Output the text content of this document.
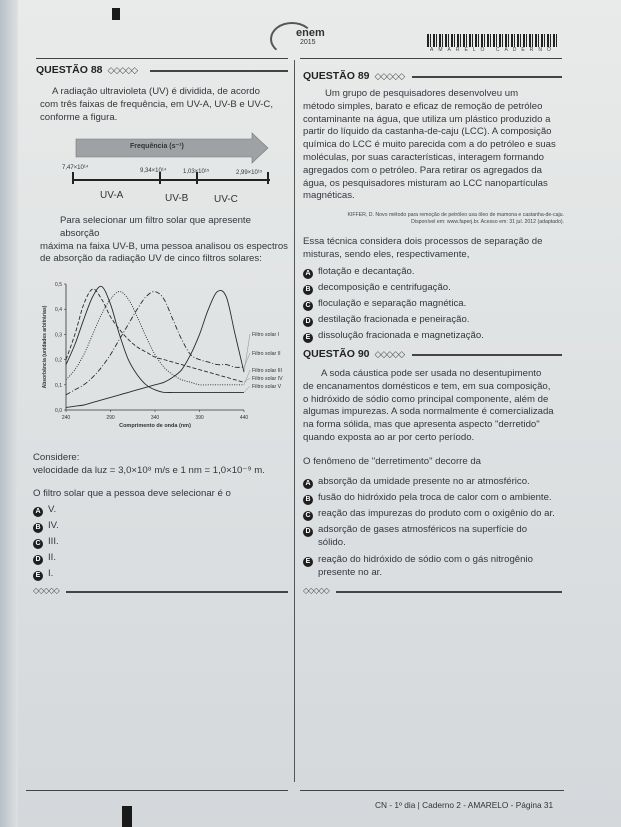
enem
2015
AMARELO CADERNO
QUESTÃO 88 ◇◇◇◇◇
A radiação ultravioleta (UV) é dividida, de acordo
com três faixas de frequência, em UV-A, UV-B e UV-C,
conforme a figura.
Frequência (s⁻¹)
7,47×10¹⁴	9,34×10¹⁴	1,03×10¹⁵	2,99×10¹⁵
UV-A	UV-B	UV-C
Para selecionar um filtro solar que apresente absorção
máxima na faixa UV-B, uma pessoa analisou os espectros
de absorção da radiação UV de cinco filtros solares:
0,0
0,1
0,2
0,3
0,4
0,5
240	290	340	390	440
Comprimento de onda (nm)
Absorbância (unidades arbitrárias)	Filtro solar I
Filtro solar II
Filtro solar III
Filtro solar IV
Filtro solar V
Considere:
velocidade da luz = 3,0×10⁸ m/s e 1 nm = 1,0×10⁻⁹ m.
O filtro solar que a pessoa deve selecionar é o
A V.
B IV.
C III.
D II.
E I.
◇◇◇◇◇
QUESTÃO 89 ◇◇◇◇◇
Um grupo de pesquisadores desenvolveu um
método simples, barato e eficaz de remoção de petróleo
contaminante na água, que utiliza um plástico produzido a
partir do líquido da castanha-de-caju (LCC). A composição
química do LCC é muito parecida com a do petróleo e suas
moléculas, por suas características, interagem formando
agregados com o petróleo. Para retirar os agregados da
água, os pesquisadores misturam ao LCC nanopartículas
magnéticas.
KIFFER, D. Novo método para remoção de petróleo usa óleo de mamona e castanha-de-caju.
Disponível em: www.faperj.br. Acesso em: 31 jul. 2012 (adaptado).
Essa técnica considera dois processos de separação de
misturas, sendo eles, respectivamente,
A flotação e decantação.
B decomposição e centrifugação.
C floculação e separação magnética.
D destilação fracionada e peneiração.
E dissolução fracionada e magnetização.
QUESTÃO 90 ◇◇◇◇◇
A soda cáustica pode ser usada no desentupimento
de encanamentos domésticos e tem, em sua composição,
o hidróxido de sódio como principal componente, além de
algumas impurezas. A soda normalmente é comercializada
na forma sólida, mas que apresenta aspecto "derretido"
quando exposta ao ar por certo período.
O fenômeno de "derretimento" decorre da
A absorção da umidade presente no ar atmosférico.
B fusão do hidróxido pela troca de calor com o ambiente.
C reação das impurezas do produto com o oxigênio do ar.
D adsorção de gases atmosféricos na superfície do
sólido.
E reação do hidróxido de sódio com o gás nitrogênio
presente no ar.
◇◇◇◇◇
CN - 1º dia | Caderno 2 - AMARELO - Página 31
